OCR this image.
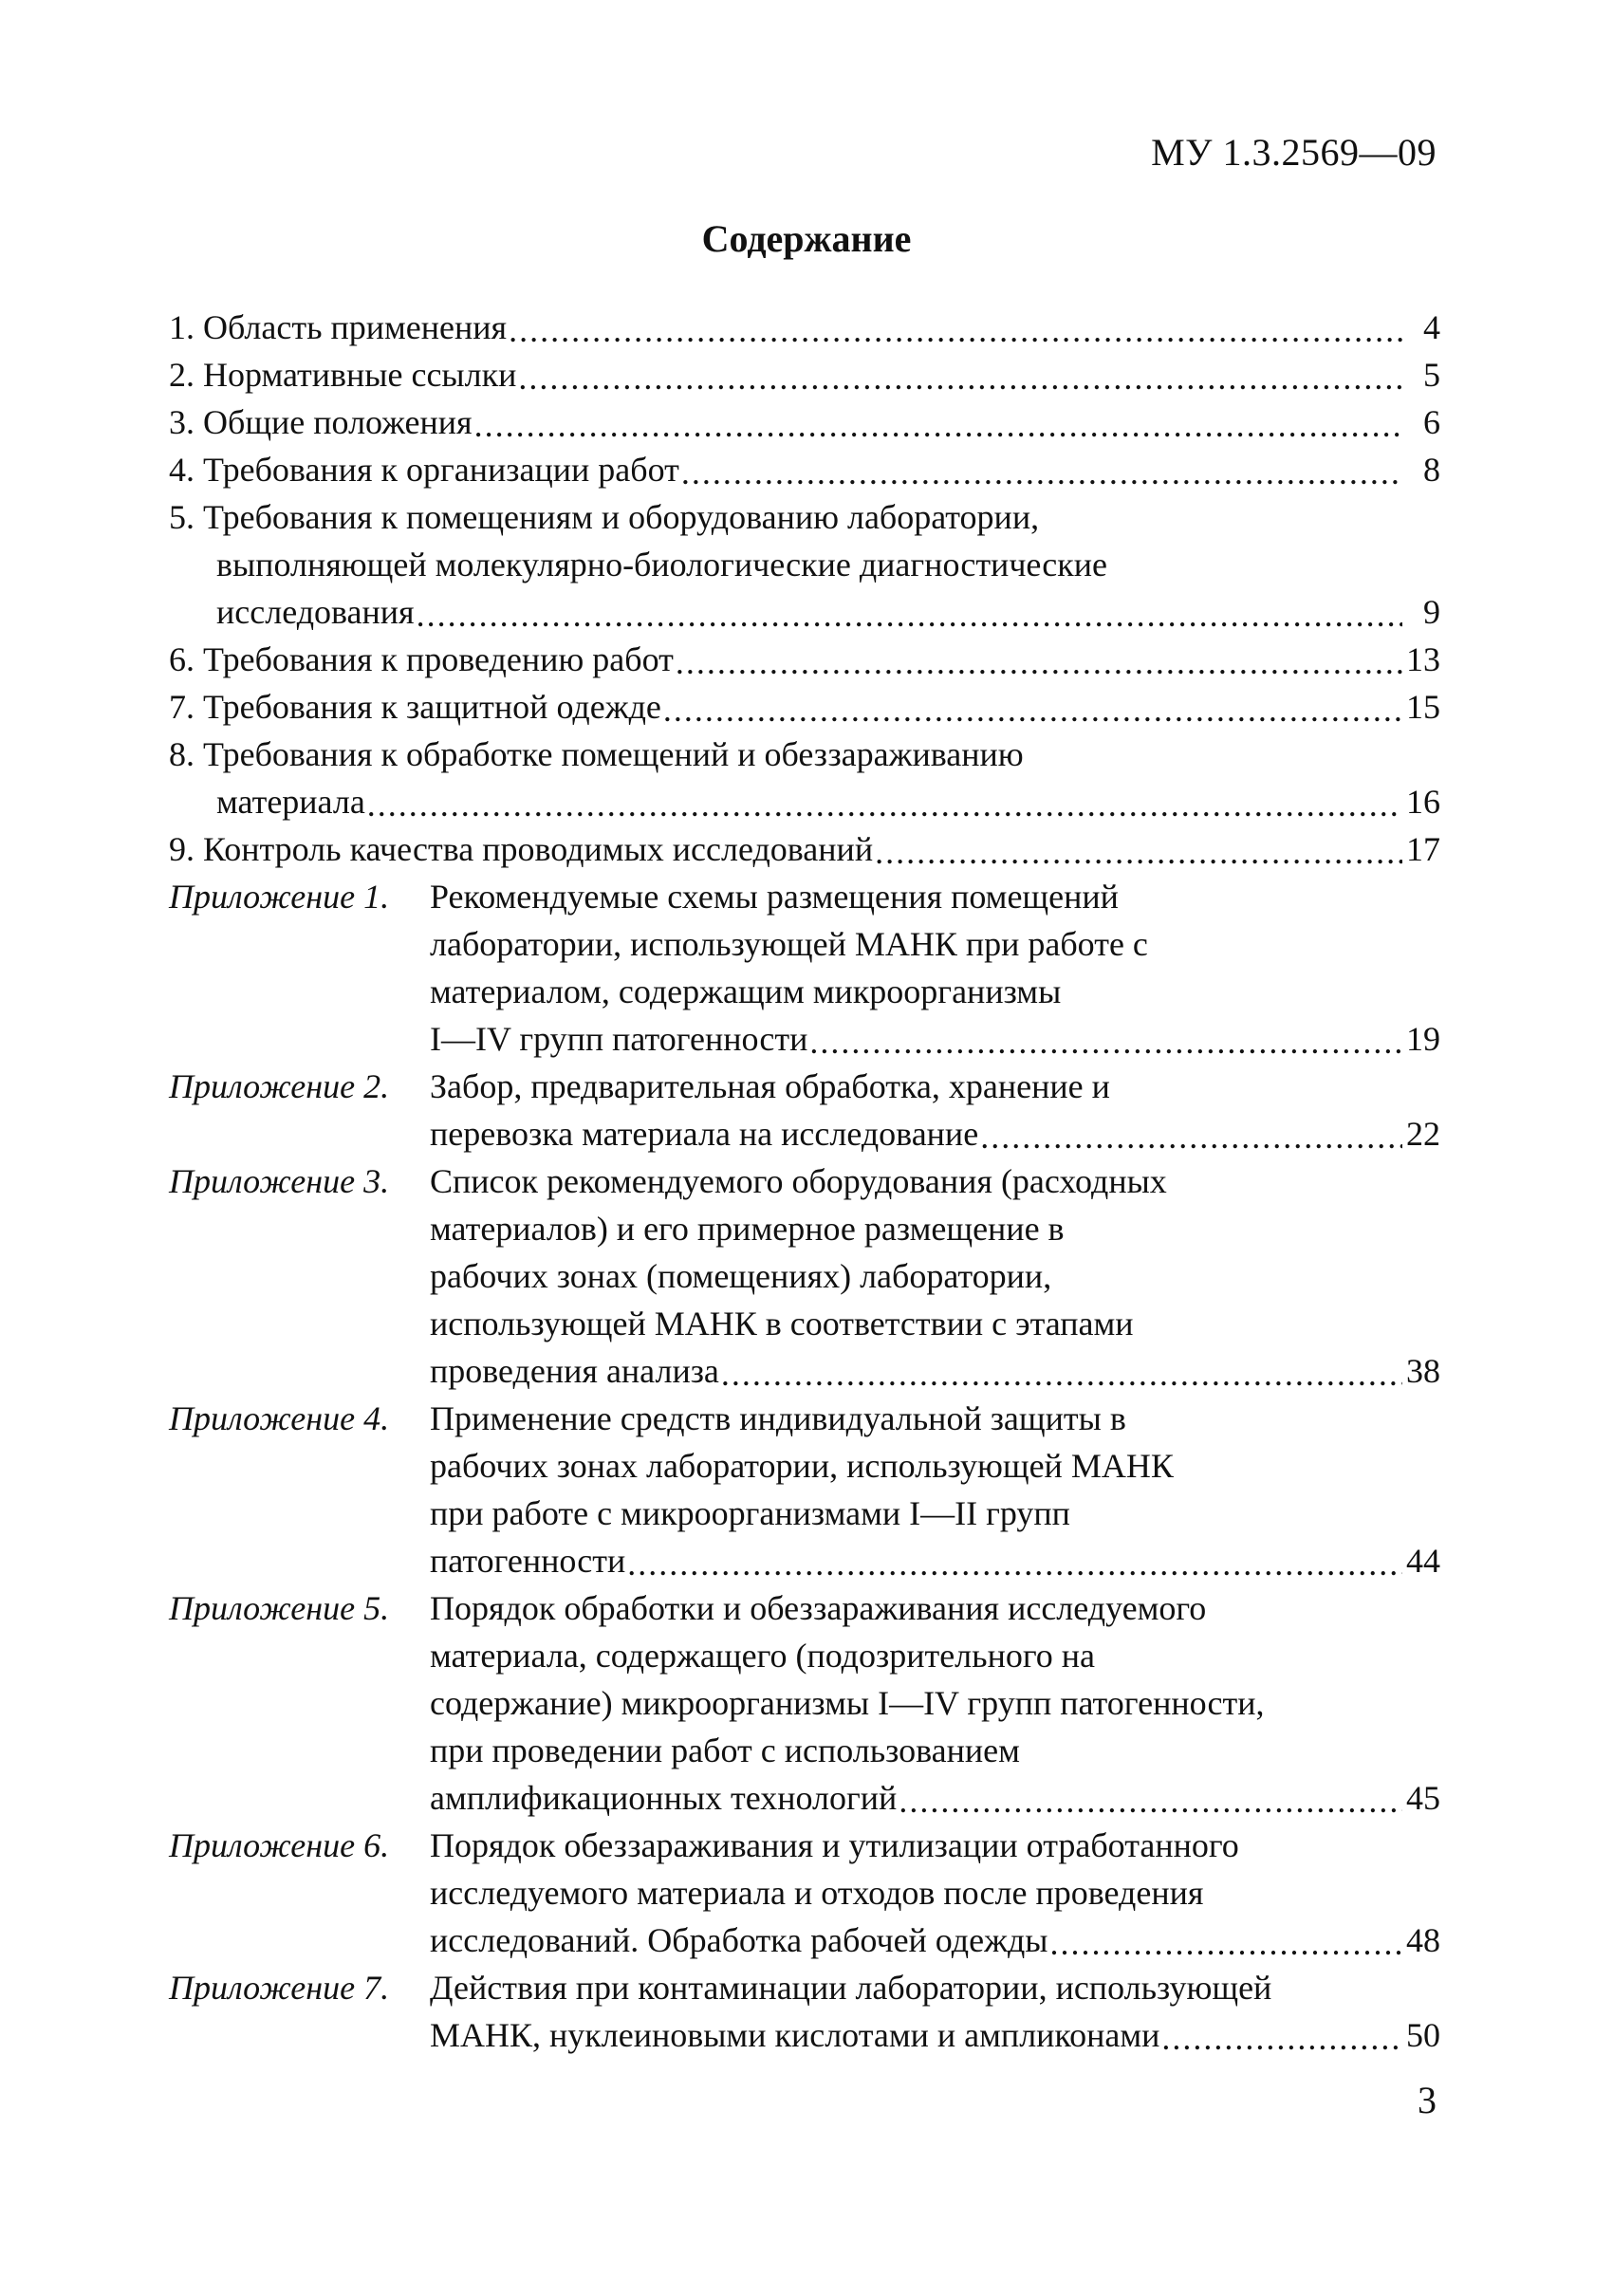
МУ 1.3.2569—09
Содержание
1. Область применения .....	4
2. Нормативные ссылки .....	5
3. Общие положения .....	6
4. Требования к организации работ .....	8
5. Требования к помещениям и оборудованию лаборатории,
выполняющей молекулярно-биологические диагностические
исследования .....	9
6. Требования к проведению работ .....	13
7. Требования к защитной одежде .....	15
8. Требования к обработке помещений и обеззараживанию
материала .....	16
9. Контроль качества проводимых исследований .....	17
Приложение 1. Рекомендуемые схемы размещения помещений
лаборатории, использующей МАНК при работе с
материалом, содержащим микроорганизмы
I—IV групп патогенности .....	19
Приложение 2. Забор, предварительная обработка, хранение и
перевозка материала на исследование .....	22
Приложение 3. Список рекомендуемого оборудования (расходных
материалов) и его примерное размещение в
рабочих зонах (помещениях) лаборатории,
использующей МАНК в соответствии с этапами
проведения анализа .....	38
Приложение 4. Применение средств индивидуальной защиты в
рабочих зонах лаборатории, использующей МАНК
при работе с микроорганизмами I—II групп
патогенности .....	44
Приложение 5. Порядок обработки и обеззараживания исследуемого
материала, содержащего (подозрительного на
содержание) микроорганизмы I—IV групп патогенности,
при проведении работ с использованием
амплификационных технологий .....	45
Приложение 6. Порядок обеззараживания и утилизации отработанного
исследуемого материала и отходов после проведения
исследований. Обработка рабочей одежды .....	48
Приложение 7. Действия при контаминации лаборатории, использующей
МАНК, нуклеиновыми кислотами и ампликонами .....	50
3
